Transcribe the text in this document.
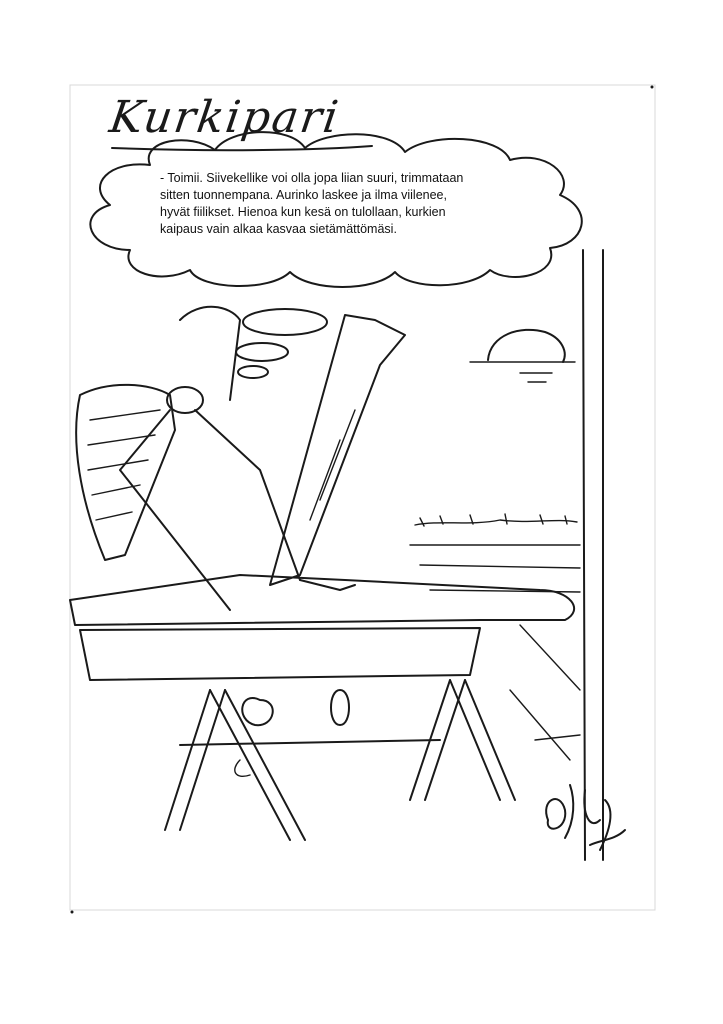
Kurkipari
- Toimii. Siivekellike voi olla jopa liian suuri, trimmataan
sitten tuonnempana. Aurinko laskee ja ilma viilenee,
hyvät fiilikset. Hienoa kun kesä on tulollaan, kurkien
kaipaus vain alkaa kasvaa sietämättömäsi.
